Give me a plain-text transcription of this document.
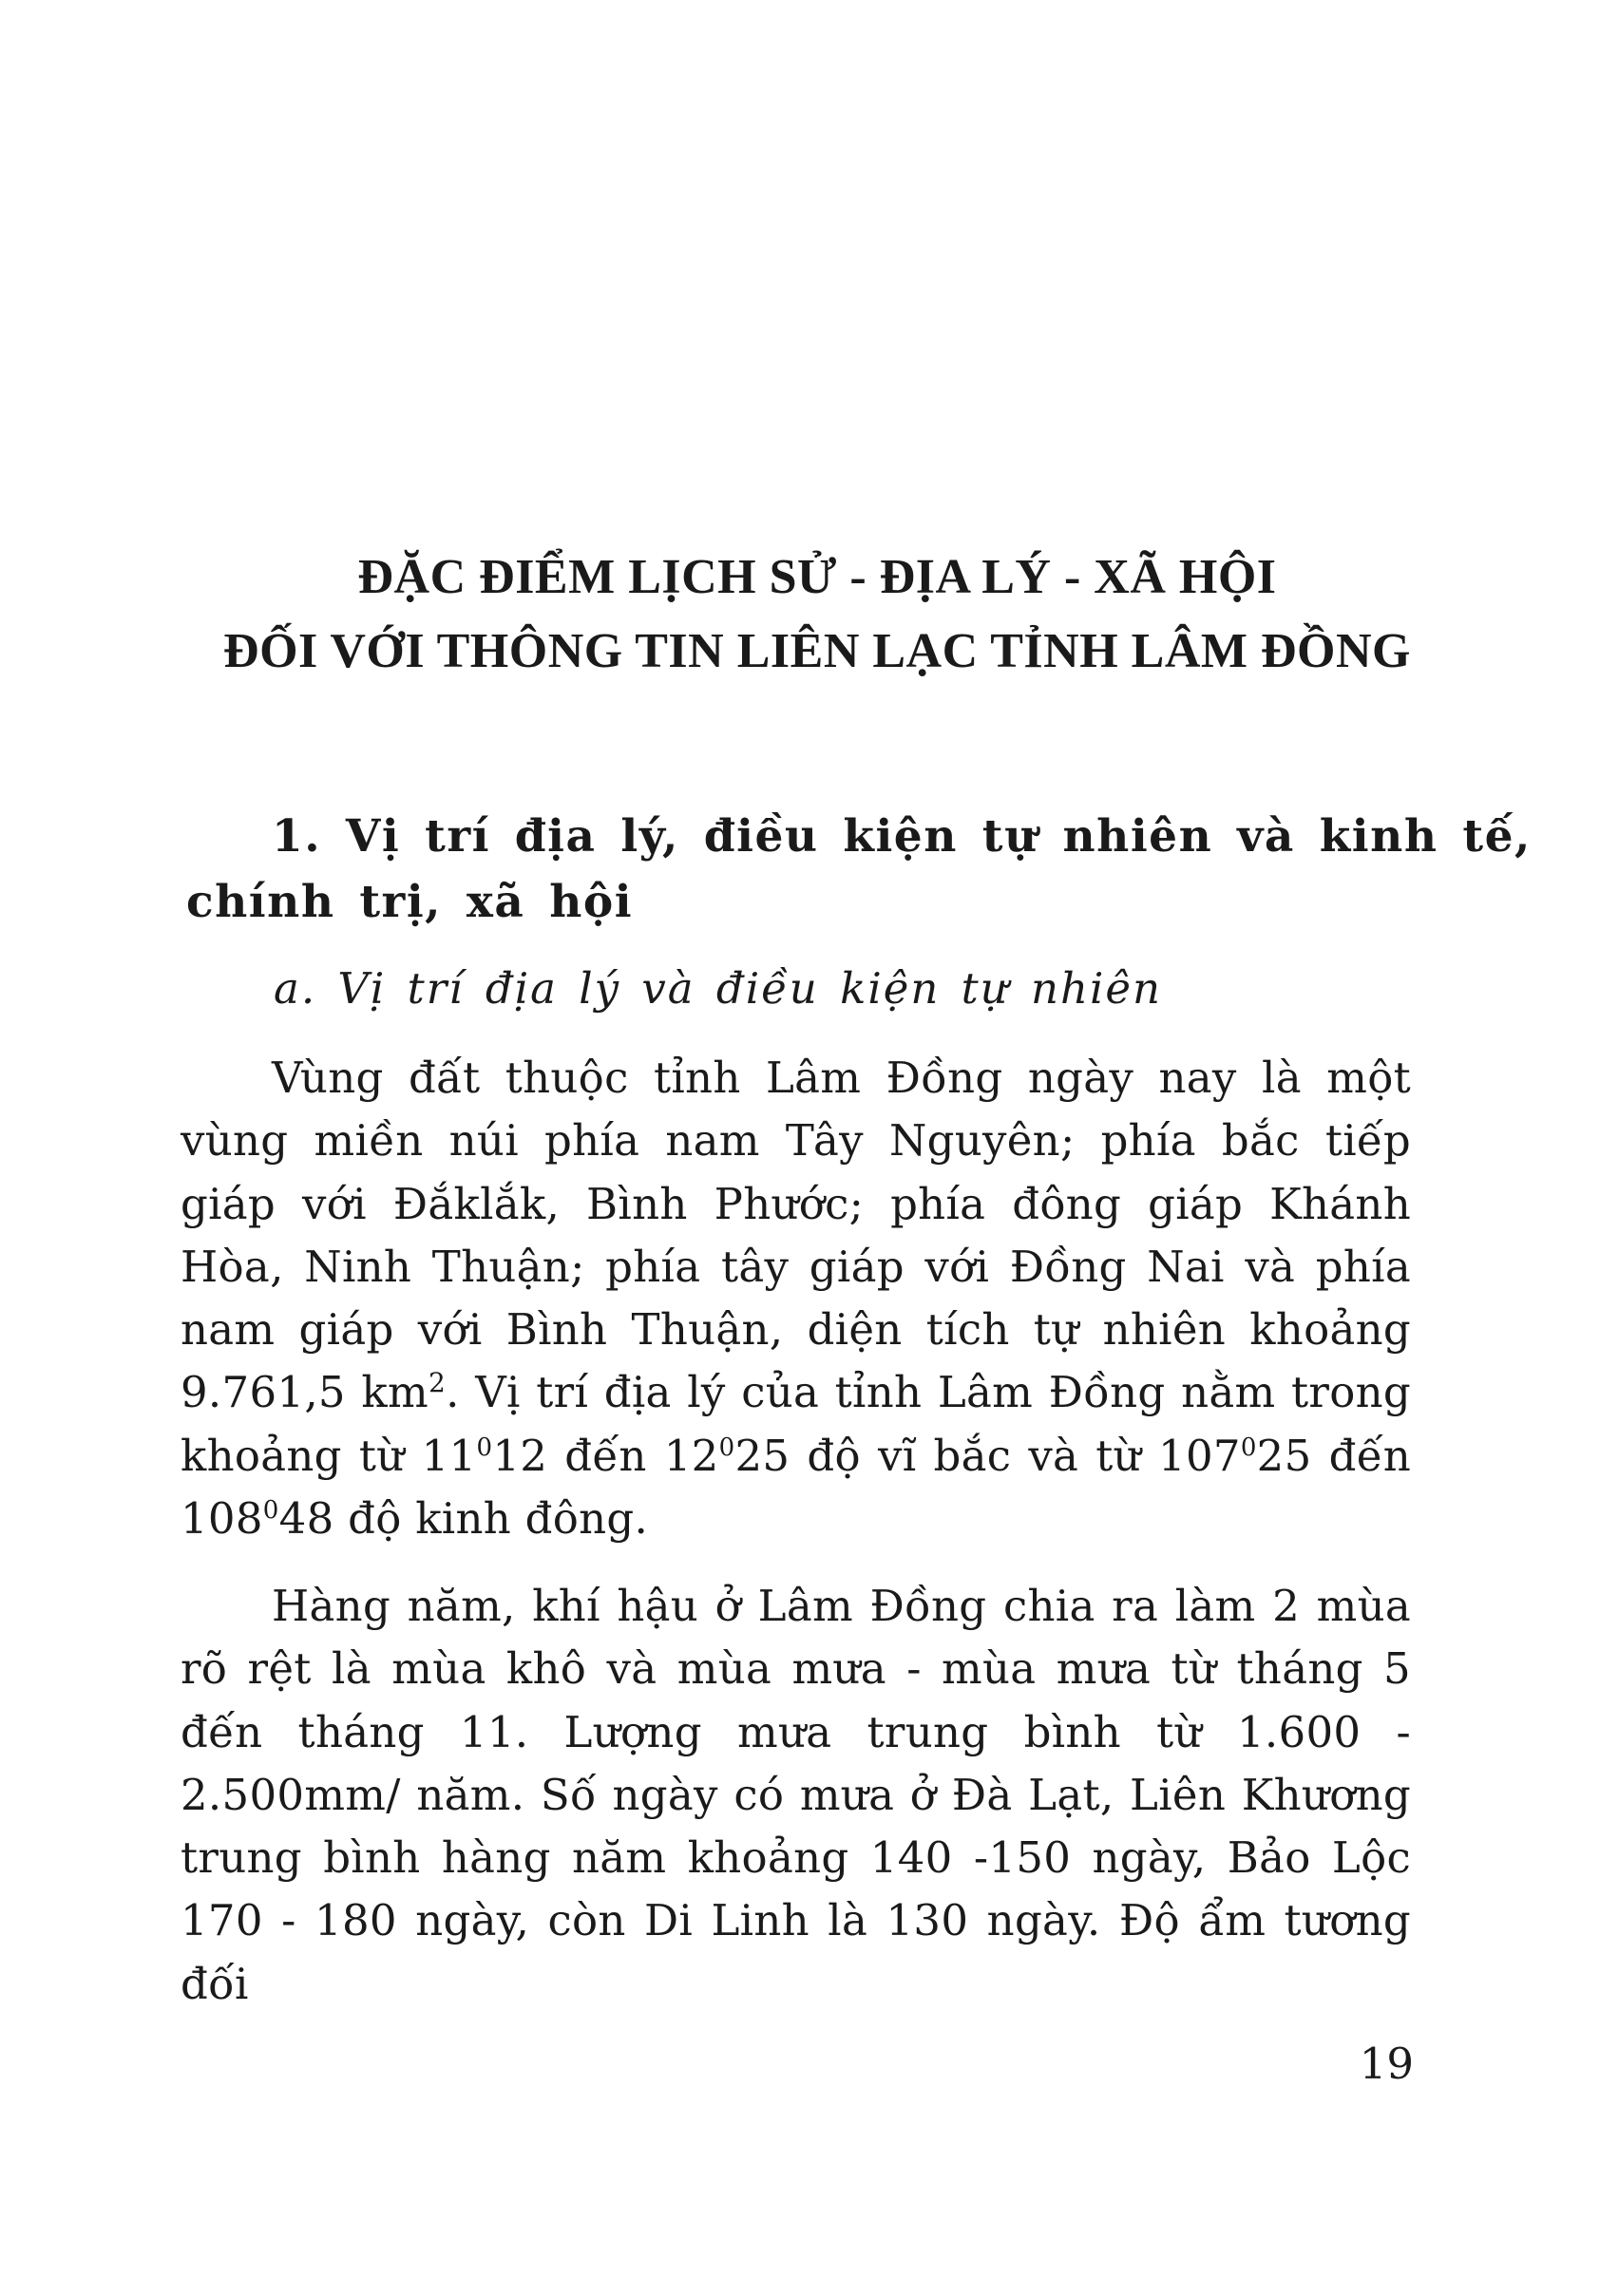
ĐẶC ĐIỂM LỊCH SỬ - ĐỊA LÝ - XÃ HỘI
ĐỐI VỚI THÔNG TIN LIÊN LẠC TỈNH LÂM ĐỒNG
1. Vị trí địa lý, điều kiện tự nhiên và kinh tế,
chính trị, xã hội
a. Vị trí địa lý và điều kiện tự nhiên

Vùng đất thuộc tỉnh Lâm Đồng ngày nay là một vùng miền núi phía nam Tây Nguyên; phía bắc tiếp giáp với Đắklắk, Bình Phước; phía đông giáp Khánh Hòa, Ninh Thuận; phía tây giáp với Đồng Nai và phía nam giáp với Bình Thuận, diện tích tự nhiên khoảng 9.761,5 $km^2$. Vị trí địa lý của tỉnh Lâm Đồng nằm trong khoảng từ $11^012$ đến $12^025$ độ vĩ bắc và từ $107^025$ đến $108^048$ độ kinh đông.

Hàng năm, khí hậu ở Lâm Đồng chia ra làm 2 mùa rõ rệt là mùa khô và mùa mưa - mùa mưa từ tháng 5 đến tháng 11. Lượng mưa trung bình từ 1.600 - 2.500mm/ năm. Số ngày có mưa ở Đà Lạt, Liên Khương trung bình hàng năm khoảng 140 -150 ngày, Bảo Lộc 170 - 180 ngày, còn Di Linh là 130 ngày. Độ ẩm tương đối

19
